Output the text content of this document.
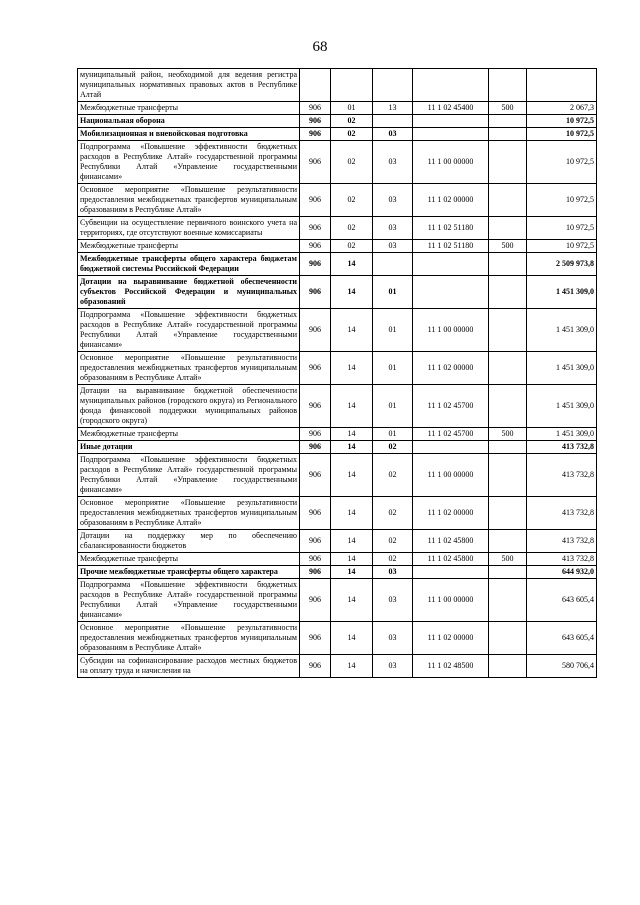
68
муниципальный район, необходимой для ведения регистра муниципальных нормативных правовых актов в Республике Алтай						
Межбюджетные трансферты	906	01	13	11 1 02 45400	500	2 067,3
Национальная оборона	906	02				10 972,5
Мобилизационная и вневойсковая подготовка	906	02	03			10 972,5
Подпрограмма «Повышение эффективности бюджетных расходов в Республике Алтай» государственной программы Республики Алтай «Управление государственными финансами»	906	02	03	11 1 00 00000		10 972,5
Основное мероприятие «Повышение результативности предоставления межбюджетных трансфертов муниципальным образованиям в Республике Алтай»	906	02	03	11 1 02 00000		10 972,5
Субвенции на осуществление первичного воинского учета на территориях, где отсутствуют военные комиссариаты	906	02	03	11 1 02 51180		10 972,5
Межбюджетные трансферты	906	02	03	11 1 02 51180	500	10 972,5
Межбюджетные трансферты общего характера бюджетам бюджетной системы Российской Федерации	906	14				2 509 973,8
Дотации на выравнивание бюджетной обеспеченности субъектов Российской Федерации и муниципальных образований	906	14	01			1 451 309,0
Подпрограмма «Повышение эффективности бюджетных расходов в Республике Алтай» государственной программы Республики Алтай «Управление государственными финансами»	906	14	01	11 1 00 00000		1 451 309,0
Основное мероприятие «Повышение результативности предоставления межбюджетных трансфертов муниципальным образованиям в Республике Алтай»	906	14	01	11 1 02 00000		1 451 309,0
Дотации на выравнивание бюджетной обеспеченности муниципальных районов (городского округа) из Регионального фонда финансовой поддержки муниципальных районов (городского округа)	906	14	01	11 1 02 45700		1 451 309,0
Межбюджетные трансферты	906	14	01	11 1 02 45700	500	1 451 309,0
Иные дотации	906	14	02			413 732,8
Подпрограмма «Повышение эффективности бюджетных расходов в Республике Алтай» государственной программы Республики Алтай «Управление государственными финансами»	906	14	02	11 1 00 00000		413 732,8
Основное мероприятие «Повышение результативности предоставления межбюджетных трансфертов муниципальным образованиям в Республике Алтай»	906	14	02	11 1 02 00000		413 732,8
Дотации на поддержку мер по обеспечению сбалансированности бюджетов	906	14	02	11 1 02 45800		413 732,8
Межбюджетные трансферты	906	14	02	11 1 02 45800	500	413 732,8
Прочие межбюджетные трансферты общего характера	906	14	03			644 932,0
Подпрограмма «Повышение эффективности бюджетных расходов в Республике Алтай» государственной программы Республики Алтай «Управление государственными финансами»	906	14	03	11 1 00 00000		643 605,4
Основное мероприятие «Повышение результативности предоставления межбюджетных трансфертов муниципальным образованиям в Республике Алтай»	906	14	03	11 1 02 00000		643 605,4
Субсидии на софинансирование расходов местных бюджетов на оплату труда и начисления на	906	14	03	11 1 02 48500		580 706,4
